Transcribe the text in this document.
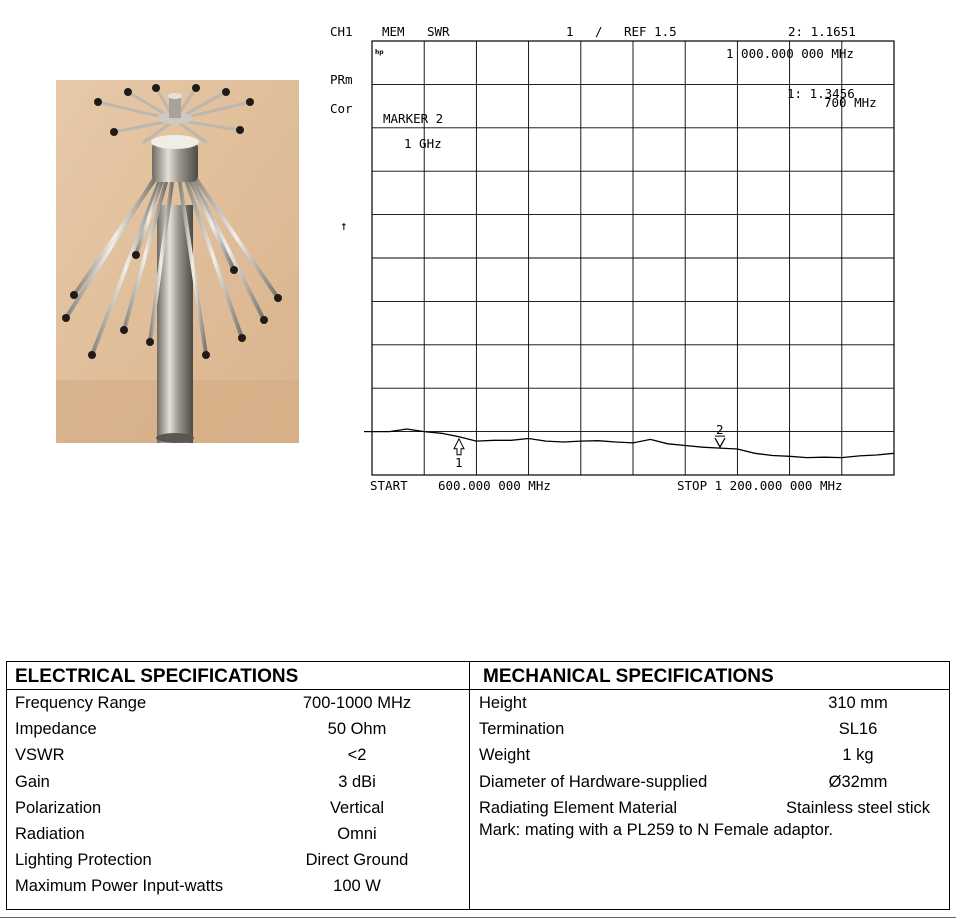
CH1 MEM SWR	1 / REF 1.5	2: 1.1651
PRm
Cor
↑
hp	1 000.000 000 MHz
1: 1.3456
700 MHz
MARKER 2
1 GHz
1
2
START 600.000 000 MHz	STOP 1 200.000 000 MHz
ELECTRICAL SPECIFICATIONS
Frequency Range	700-1000 MHz
Impedance	50 Ohm
VSWR	<2
Gain	3 dBi
Polarization	Vertical
Radiation	Omni
Lighting Protection	Direct Ground
Maximum Power Input-watts	100 W
MECHANICAL SPECIFICATIONS
Height	310 mm
Termination	SL16
Weight	1 kg
Diameter of Hardware-supplied	Ø32mm
Radiating Element Material	Stainless steel stick
Mark: mating with a PL259 to N Female adaptor.
